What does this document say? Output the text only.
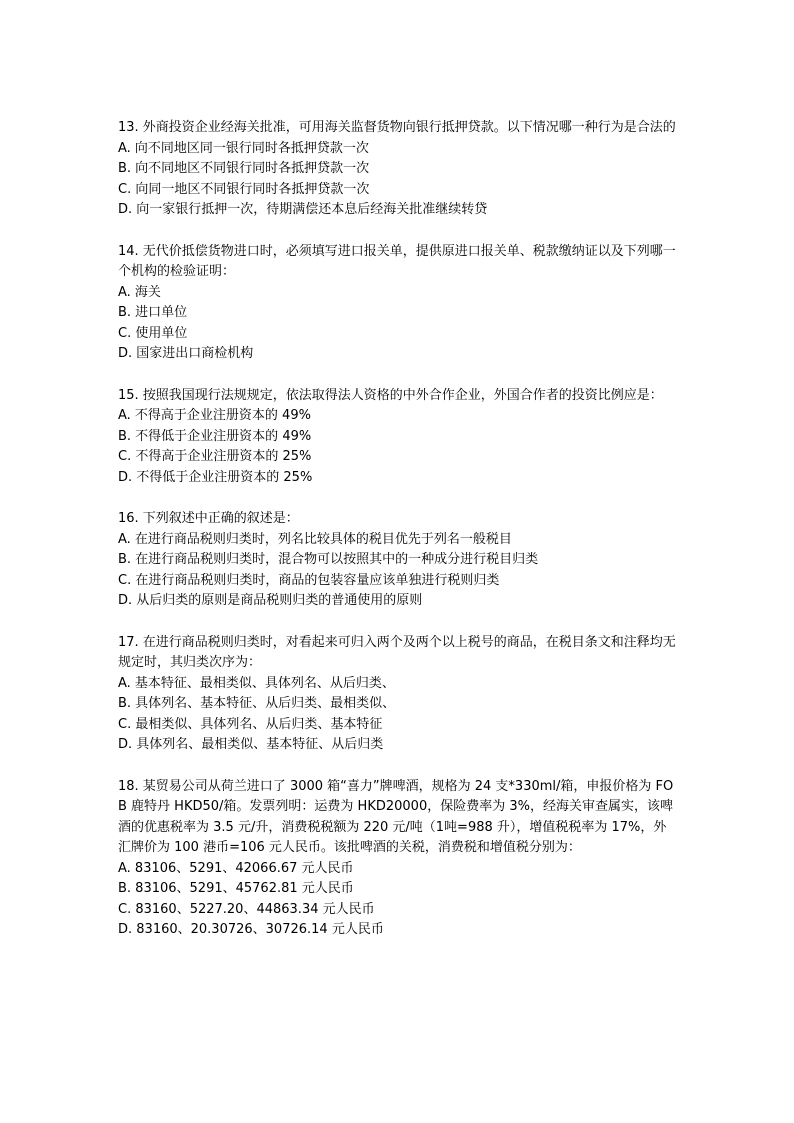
13. 外商投资企业经海关批准，可用海关监督货物向银行抵押贷款。以下情况哪一种行为是合法的

A. 向不同地区同一银行同时各抵押贷款一次
B. 向不同地区不同银行同时各抵押贷款一次
C. 向同一地区不同银行同时各抵押贷款一次
D. 向一家银行抵押一次，待期满偿还本息后经海关批准继续转贷

14. 无代价抵偿货物进口时，必须填写进口报关单，提供原进口报关单、税款缴纳证以及下列哪一个机构的检验证明：

A. 海关
B. 进口单位
C. 使用单位
D. 国家进出口商检机构

15. 按照我国现行法规规定，依法取得法人资格的中外合作企业，外国合作者的投资比例应是：

A. 不得高于企业注册资本的 49%
B. 不得低于企业注册资本的 49%
C. 不得高于企业注册资本的 25%
D. 不得低于企业注册资本的 25%

16. 下列叙述中正确的叙述是：

A. 在进行商品税则归类时，列名比较具体的税目优先于列名一般税目
B. 在进行商品税则归类时，混合物可以按照其中的一种成分进行税目归类
C. 在进行商品税则归类时，商品的包装容量应该单独进行税则归类
D. 从后归类的原则是商品税则归类的普通使用的原则

17. 在进行商品税则归类时，对看起来可归入两个及两个以上税号的商品，在税目条文和注释均无规定时，其归类次序为：

A. 基本特征、最相类似、具体列名、从后归类、
B. 具体列名、基本特征、从后归类、最相类似、
C. 最相类似、具体列名、从后归类、基本特征
D. 具体列名、最相类似、基本特征、从后归类

18. 某贸易公司从荷兰进口了 3000 箱“喜力”牌啤酒，规格为 24 支*330ml/箱，申报价格为 FOB 鹿特丹 HKD50/箱。发票列明：运费为 HKD20000，保险费率为 3%，经海关审查属实，该啤酒的优惠税率为 3.5 元/升，消费税税额为 220 元/吨（1吨=988 升），增值税税率为 17%，外汇牌价为 100 港币=106 元人民币。该批啤酒的关税，消费税和增值税分别为：

A. 83106、5291、42066.67 元人民币
B. 83106、5291、45762.81 元人民币
C. 83160、5227.20、44863.34 元人民币
D. 83160、20.30726、30726.14 元人民币
